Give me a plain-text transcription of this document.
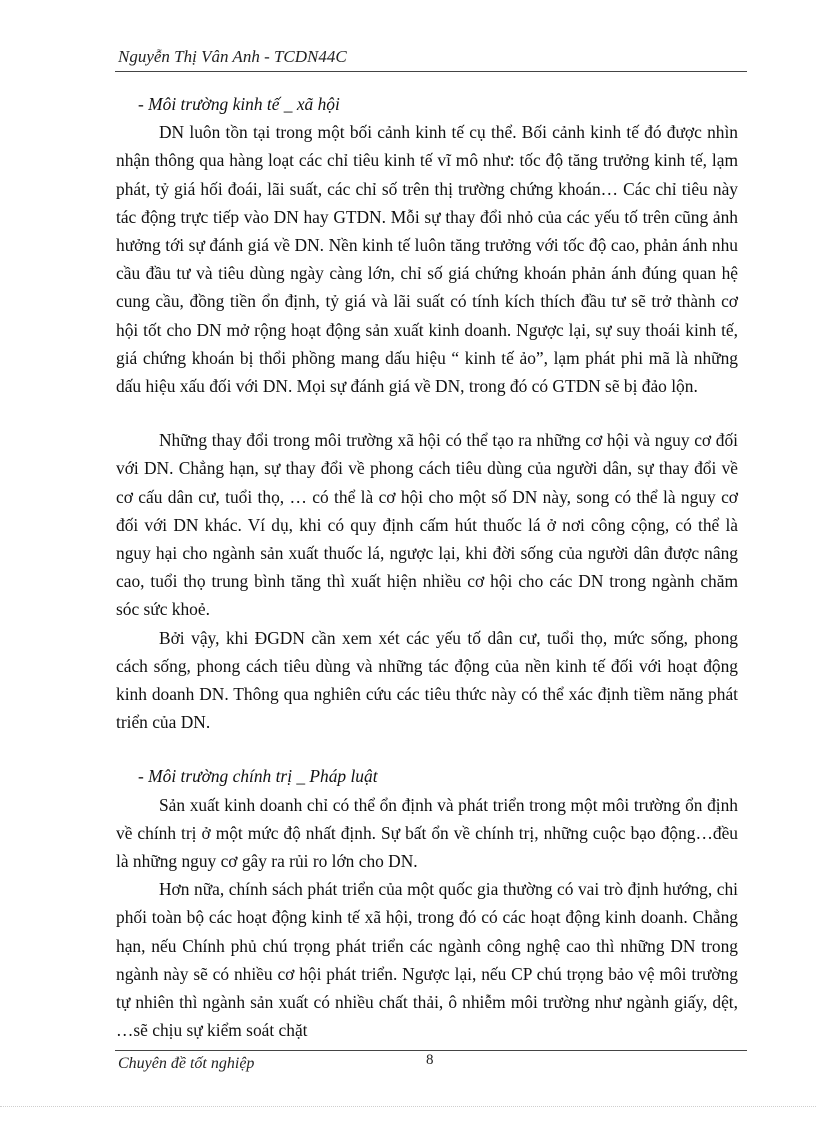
Nguyễn Thị Vân Anh - TCDN44C

- Môi trường kinh tế _ xã hội

DN luôn tồn tại trong một bối cảnh kinh tế cụ thể. Bối cảnh kinh tế đó được nhìn nhận thông qua hàng loạt các chỉ tiêu kinh tế vĩ mô như: tốc độ tăng trưởng kinh tế, lạm phát, tỷ giá hối đoái, lãi suất, các chỉ số trên thị trường chứng khoán… Các chỉ tiêu này tác động trực tiếp vào DN hay GTDN. Mỗi sự thay đổi nhỏ của các yếu tố trên cũng ảnh hưởng tới sự đánh giá về DN. Nền kinh tế luôn tăng trưởng với tốc độ cao, phản ánh nhu cầu đầu tư và tiêu dùng ngày càng lớn, chỉ số giá chứng khoán phản ánh đúng quan hệ cung cầu, đồng tiền ổn định, tỷ giá và lãi suất có tính kích thích đầu tư sẽ trở thành cơ hội tốt cho DN mở rộng hoạt động sản xuất kinh doanh. Ngược lại, sự suy thoái kinh tế, giá chứng khoán bị thổi phồng mang dấu hiệu “ kinh tế ảo”, lạm phát phi mã là những dấu hiệu xấu đối với DN. Mọi sự đánh giá về DN, trong đó có GTDN sẽ bị đảo lộn.

Những thay đổi trong môi trường xã hội có thể tạo ra những cơ hội và nguy cơ đối với DN. Chẳng hạn, sự thay đổi về phong cách tiêu dùng của người dân, sự thay đổi về cơ cấu dân cư, tuổi thọ, … có thể là cơ hội cho một số DN này, song có thể là nguy cơ đối với DN khác. Ví dụ, khi có quy định cấm hút thuốc lá ở nơi công cộng, có thể là nguy hại cho ngành sản xuất thuốc lá, ngược lại, khi đời sống của người dân được nâng cao, tuổi thọ trung bình tăng thì xuất hiện nhiều cơ hội cho các DN trong ngành chăm sóc sức khoẻ.

Bởi vậy, khi ĐGDN cần xem xét các yếu tố dân cư, tuổi thọ, mức sống, phong cách sống, phong cách tiêu dùng và những tác động của nền kinh tế đối với hoạt động kinh doanh DN. Thông qua nghiên cứu các tiêu thức này có thể xác định tiềm năng phát triển của DN.

- Môi trường chính trị _ Pháp luật

Sản xuất kinh doanh chỉ có thể ổn định và phát triển trong một môi trường ổn định về chính trị ở một mức độ nhất định. Sự bất ổn về chính trị, những cuộc bạo động…đều là những nguy cơ gây ra rủi ro lớn cho DN.

Hơn nữa, chính sách phát triển của một quốc gia thường có vai trò định hướng, chi phối toàn bộ các hoạt động kinh tế xã hội, trong đó có các hoạt động kinh doanh. Chẳng hạn, nếu Chính phủ chú trọng phát triển các ngành công nghệ cao thì những DN trong ngành này sẽ có nhiều cơ hội phát triển. Ngược lại, nếu CP chú trọng bảo vệ môi trường tự nhiên thì ngành sản xuất có nhiều chất thải, ô nhiễm môi trường như ngành giấy, dệt, …sẽ chịu sự kiểm soát chặt

Chuyên đề tốt nghiệp	8
